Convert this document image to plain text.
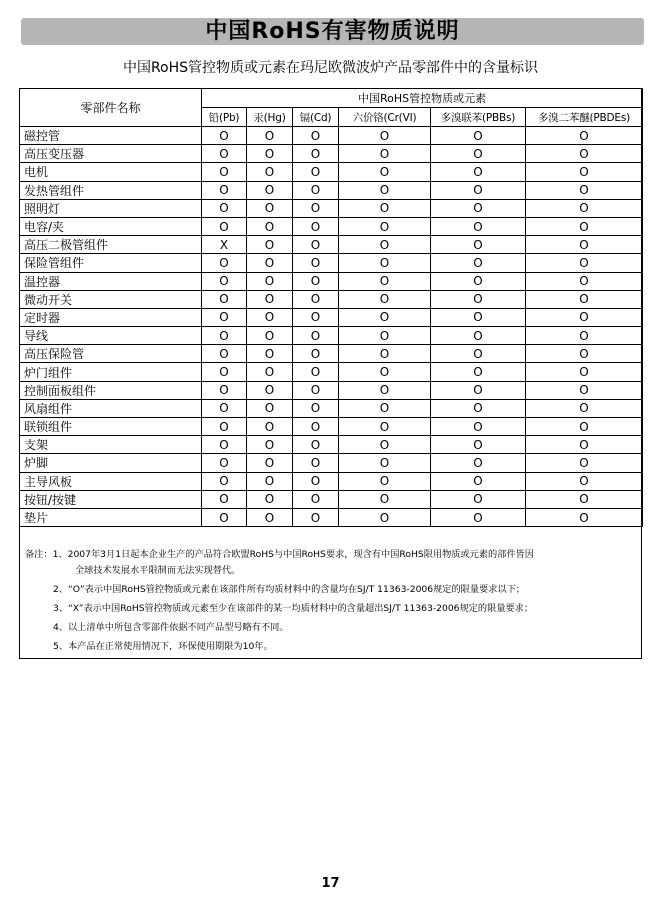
中国RoHS有害物质说明
中国RoHS管控物质或元素在玛尼欧微波炉产品零部件中的含量标识
零部件名称	中国RoHS管控物质或元素					
	铅(Pb)	汞(Hg)	镉(Cd)	六价铬(Cr(VI)	多溴联苯(PBBs)	多溴二苯醚(PBDEs)
磁控管	O	O	O	O	O	O
高压变压器	O	O	O	O	O	O
电机	O	O	O	O	O	O
发热管组件	O	O	O	O	O	O
照明灯	O	O	O	O	O	O
电容/夹	O	O	O	O	O	O
高压二极管组件	X	O	O	O	O	O
保险管组件	O	O	O	O	O	O
温控器	O	O	O	O	O	O
微动开关	O	O	O	O	O	O
定时器	O	O	O	O	O	O
导线	O	O	O	O	O	O
高压保险管	O	O	O	O	O	O
炉门组件	O	O	O	O	O	O
控制面板组件	O	O	O	O	O	O
风扇组件	O	O	O	O	O	O
联锁组件	O	O	O	O	O	O
支架	O	O	O	O	O	O
炉脚	O	O	O	O	O	O
主导风板	O	O	O	O	O	O
按钮/按键	O	O	O	O	O	O
垫片	O	O	O	O	O	O
备注：1、2007年3月1日起本企业生产的产品符合欧盟RoHS与中国RoHS要求，现含有中国RoHS限用物质或元素的部件皆因
全球技术发展水平限制而无法实现替代。
2、“O”表示中国RoHS管控物质或元素在该部件所有均质材料中的含量均在SJ/T 11363-2006规定的限量要求以下；
3、“X”表示中国RoHS管控物质或元素至少在该部件的某一均质材料中的含量超出SJ/T 11363-2006规定的限量要求；
4、以上清单中所包含零部件依据不同产品型号略有不同。
5、本产品在正常使用情况下，环保使用期限为10年。
17
